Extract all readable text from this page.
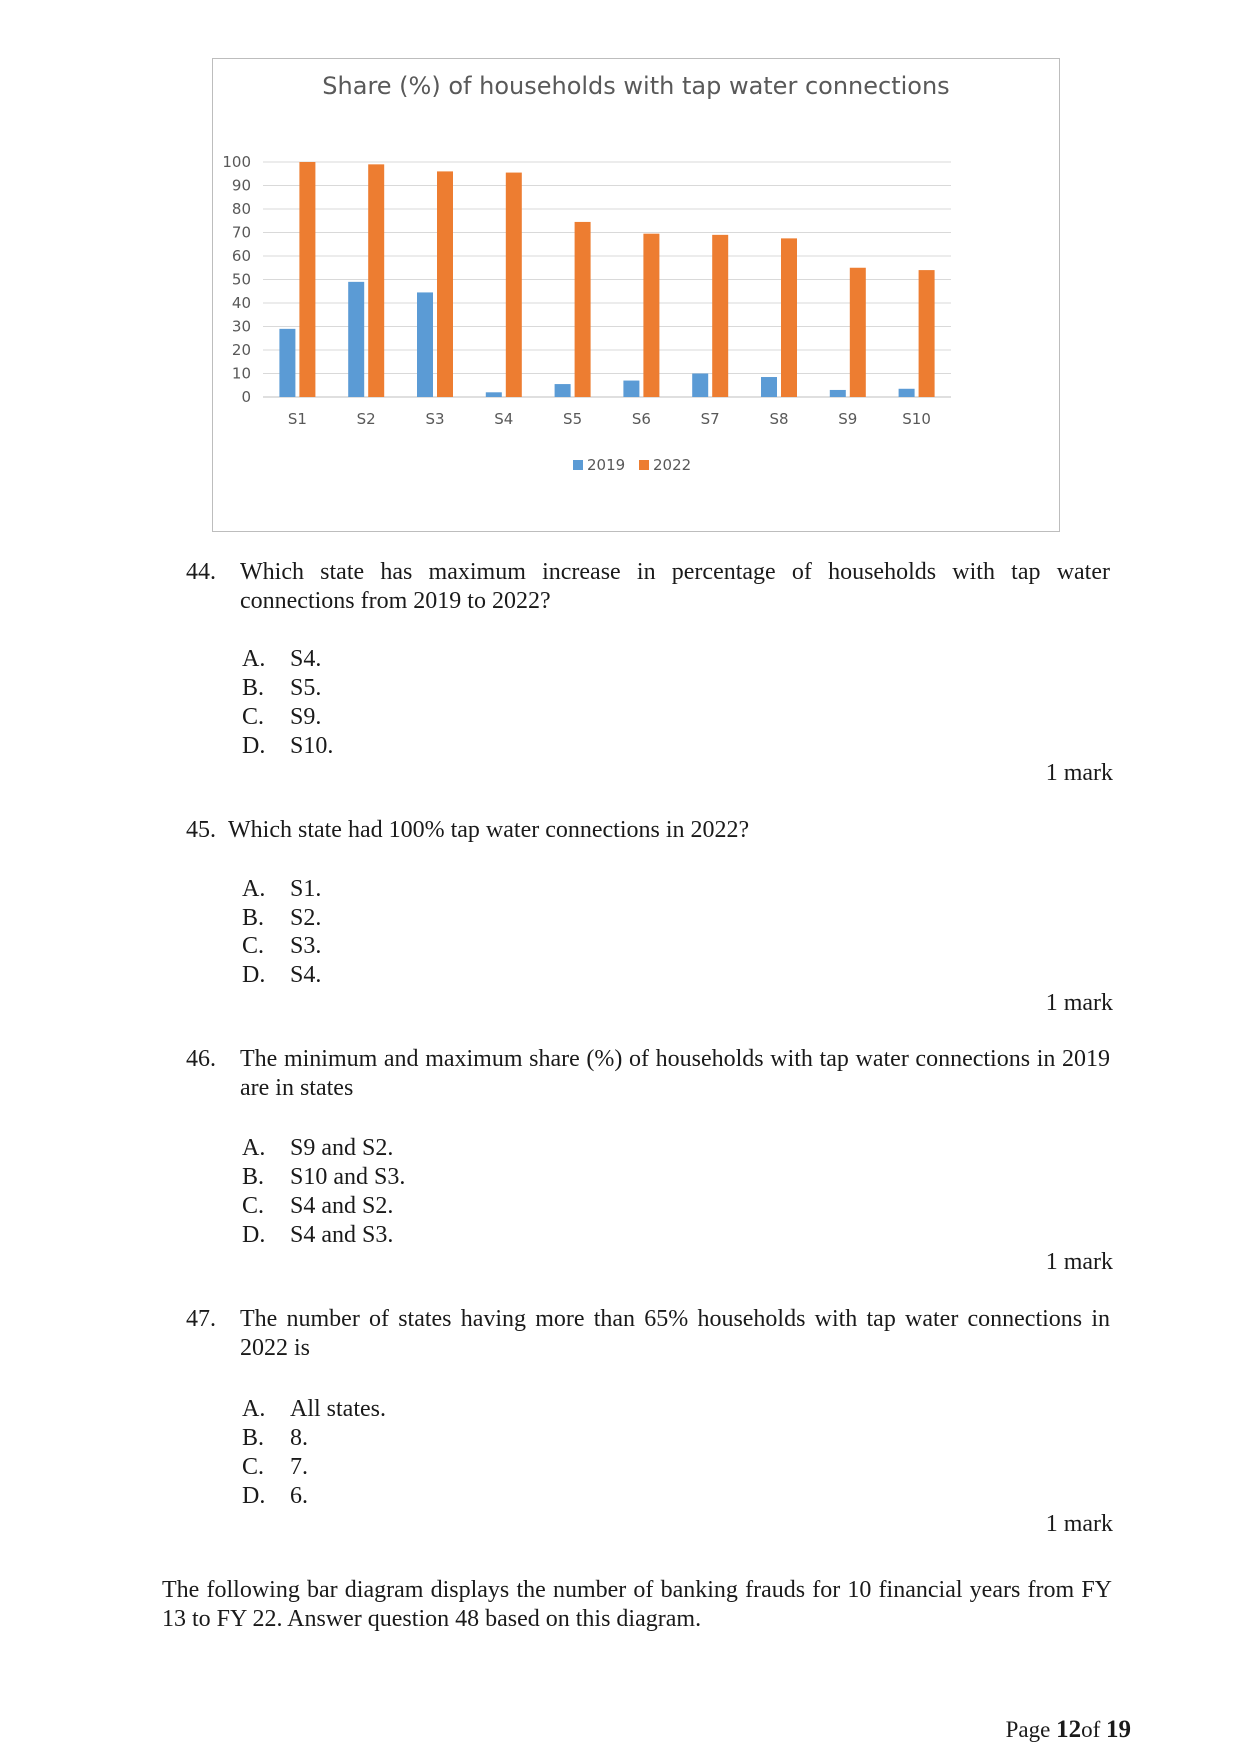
Share (%) of households with tap water connections
0
10
20
30
40
50
60
70
80
90
100
S1	S2	S3	S4	S5	S6	S7	S8	S9	S10
2019 2022
44. Which state has maximum increase in percentage of households with tap water connections from 2019 to 2022?
A. S4.
B. S5.
C. S9.
D. S10.
1 mark
45. Which state had 100% tap water connections in 2022?
A. S1.
B. S2.
C. S3.
D. S4.
1 mark
46. The minimum and maximum share (%) of households with tap water connections in 2019 are in states
A. S9 and S2.
B. S10 and S3.
C. S4 and S2.
D. S4 and S3.
1 mark
47. The number of states having more than 65% households with tap water connections in 2022 is
A. All states.
B. 8.
C. 7.
D. 6.
1 mark
The following bar diagram displays the number of banking frauds for 10 financial years from FY 13 to FY 22. Answer question 48 based on this diagram.
Page 12of 19
